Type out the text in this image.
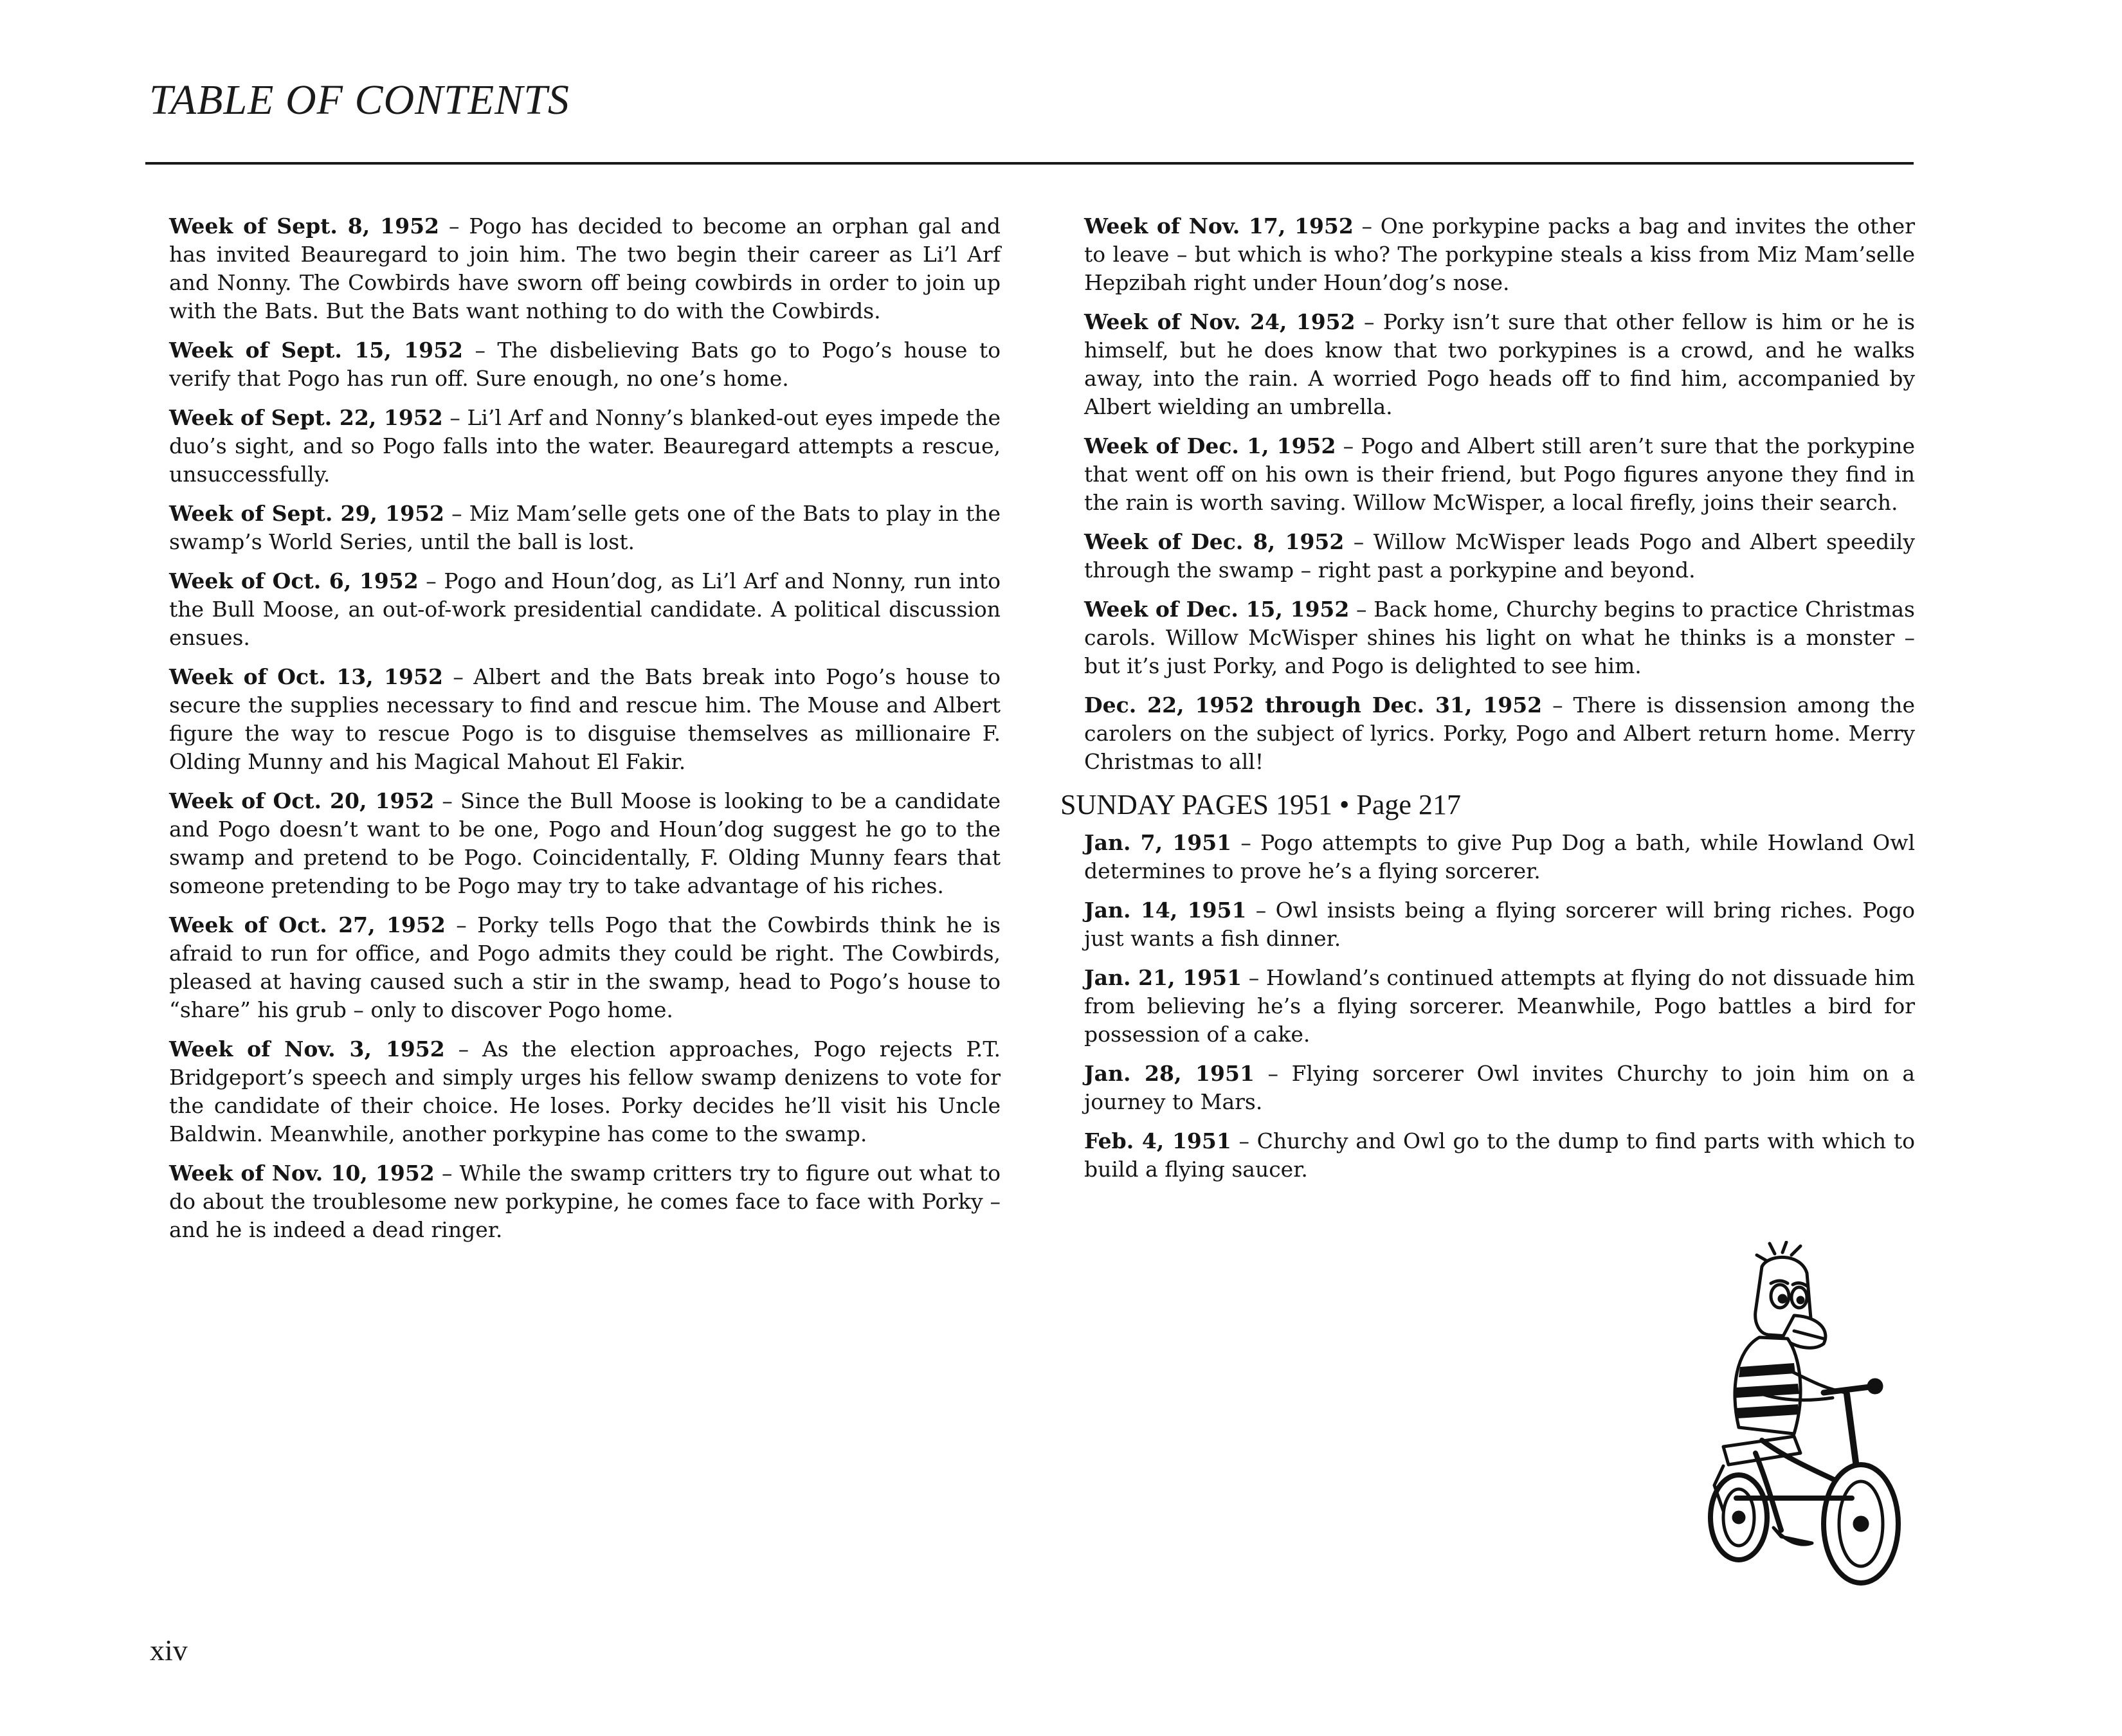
TABLE OF CONTENTS

Week of Sept. 8, 1952 – Pogo has decided to become an orphan gal and has invited Beauregard to join him. The two begin their career as Li’l Arf and Nonny. The Cowbirds have sworn off being cowbirds in order to join up with the Bats. But the Bats want nothing to do with the Cowbirds.

Week of Sept. 15, 1952 – The disbelieving Bats go to Pogo’s house to verify that Pogo has run off. Sure enough, no one’s home.

Week of Sept. 22, 1952 – Li’l Arf and Nonny’s blanked-out eyes impede the duo’s sight, and so Pogo falls into the water. Beauregard attempts a rescue, unsuccessfully.

Week of Sept. 29, 1952 – Miz Mam’selle gets one of the Bats to play in the swamp’s World Series, until the ball is lost.

Week of Oct. 6, 1952 – Pogo and Houn’dog, as Li’l Arf and Nonny, run into the Bull Moose, an out-of-work presidential candidate. A political discussion ensues.

Week of Oct. 13, 1952 – Albert and the Bats break into Pogo’s house to secure the supplies necessary to find and rescue him. The Mouse and Albert figure the way to rescue Pogo is to disguise themselves as millionaire F. Olding Munny and his Magical Mahout El Fakir.

Week of Oct. 20, 1952 – Since the Bull Moose is looking to be a candidate and Pogo doesn’t want to be one, Pogo and Houn’dog suggest he go to the swamp and pretend to be Pogo. Coincidentally, F. Olding Munny fears that someone pretending to be Pogo may try to take advantage of his riches.

Week of Oct. 27, 1952 – Porky tells Pogo that the Cowbirds think he is afraid to run for office, and Pogo admits they could be right. The Cowbirds, pleased at having caused such a stir in the swamp, head to Pogo’s house to “share” his grub – only to discover Pogo home.

Week of Nov. 3, 1952 – As the election approaches, Pogo rejects P.T. Bridgeport’s speech and simply urges his fellow swamp denizens to vote for the candidate of their choice. He loses. Porky decides he’ll visit his Uncle Baldwin. Meanwhile, another porkypine has come to the swamp.

Week of Nov. 10, 1952 – While the swamp critters try to figure out what to do about the troublesome new porkypine, he comes face to face with Porky – and he is indeed a dead ringer.

Week of Nov. 17, 1952 – One porkypine packs a bag and invites the other to leave – but which is who? The porkypine steals a kiss from Miz Mam’selle Hepzibah right under Houn’dog’s nose.

Week of Nov. 24, 1952 – Porky isn’t sure that other fellow is him or he is himself, but he does know that two porkypines is a crowd, and he walks away, into the rain. A worried Pogo heads off to find him, accompanied by Albert wielding an umbrella.

Week of Dec. 1, 1952 – Pogo and Albert still aren’t sure that the porkypine that went off on his own is their friend, but Pogo figures anyone they find in the rain is worth saving. Willow McWisper, a local firefly, joins their search.

Week of Dec. 8, 1952 – Willow McWisper leads Pogo and Albert speedily through the swamp – right past a porkypine and beyond.

Week of Dec. 15, 1952 – Back home, Churchy begins to practice Christmas carols. Willow McWisper shines his light on what he thinks is a monster – but it’s just Porky, and Pogo is delighted to see him.

Dec. 22, 1952 through Dec. 31, 1952 – There is dissension among the carolers on the subject of lyrics. Porky, Pogo and Albert return home. Merry Christmas to all!

SUNDAY PAGES 1951 • Page 217

Jan. 7, 1951 – Pogo attempts to give Pup Dog a bath, while Howland Owl determines to prove he’s a flying sorcerer.

Jan. 14, 1951 – Owl insists being a flying sorcerer will bring riches. Pogo just wants a fish dinner.

Jan. 21, 1951 – Howland’s continued attempts at flying do not dissuade him from believing he’s a flying sorcerer. Meanwhile, Pogo battles a bird for possession of a cake.

Jan. 28, 1951 – Flying sorcerer Owl invites Churchy to join him on a journey to Mars.

Feb. 4, 1951 – Churchy and Owl go to the dump to find parts with which to build a flying saucer.

xiv
